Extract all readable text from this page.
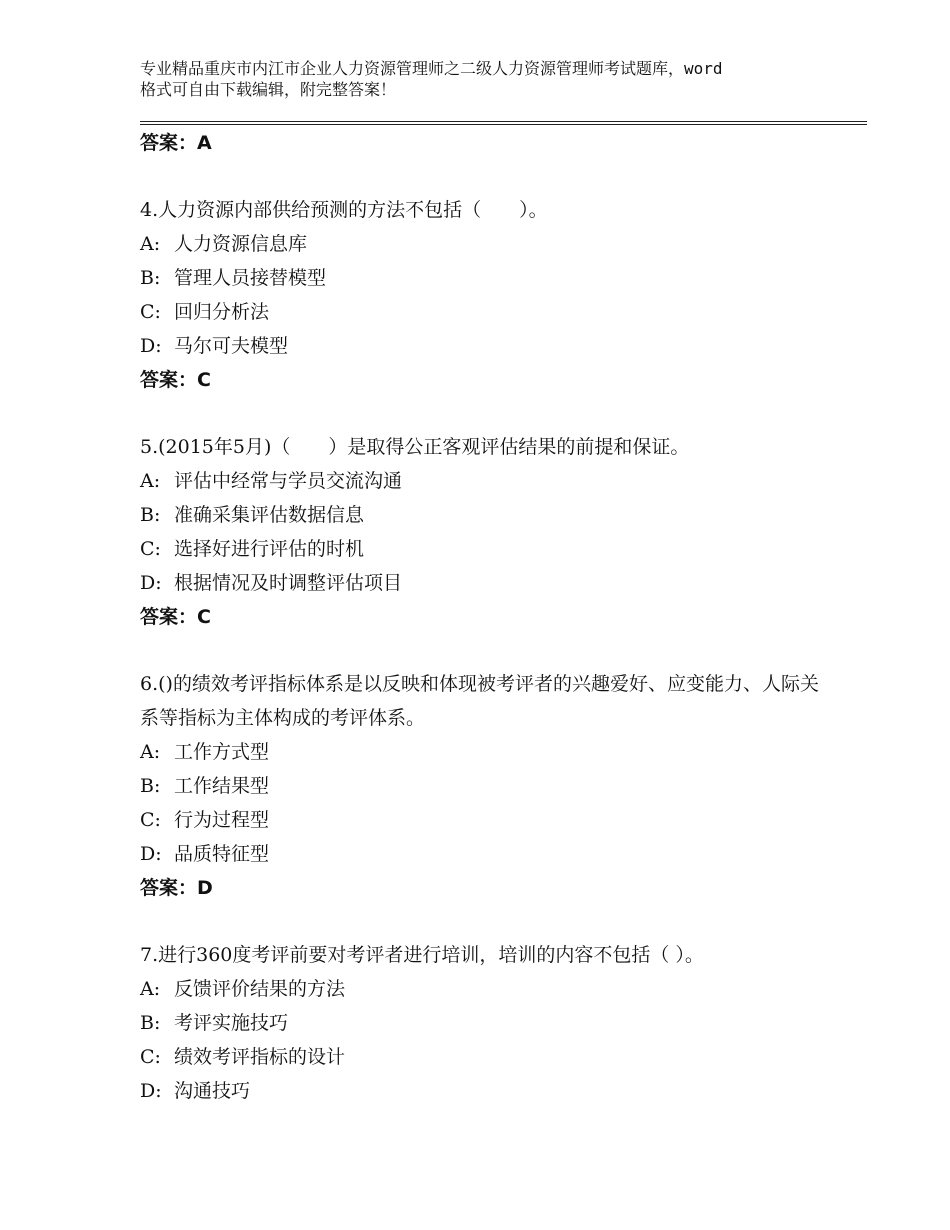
专业精品重庆市内江市企业人力资源管理师之二级人力资源管理师考试题库，word
格式可自由下载编辑，附完整答案！
答案：A
4.人力资源内部供给预测的方法不包括（　　）。
A: 人力资源信息库
B: 管理人员接替模型
C: 回归分析法
D: 马尔可夫模型
答案：C
5.(2015年5月)（　　）是取得公正客观评估结果的前提和保证。
A: 评估中经常与学员交流沟通
B: 准确采集评估数据信息
C: 选择好进行评估的时机
D: 根据情况及时调整评估项目
答案：C
6.()的绩效考评指标体系是以反映和体现被考评者的兴趣爱好、应变能力、人际关系等指标为主体构成的考评体系。
A: 工作方式型
B: 工作结果型
C: 行为过程型
D: 品质特征型
答案：D
7.进行360度考评前要对考评者进行培训，培训的内容不包括（ ）。
A: 反馈评价结果的方法
B: 考评实施技巧
C: 绩效考评指标的设计
D: 沟通技巧
